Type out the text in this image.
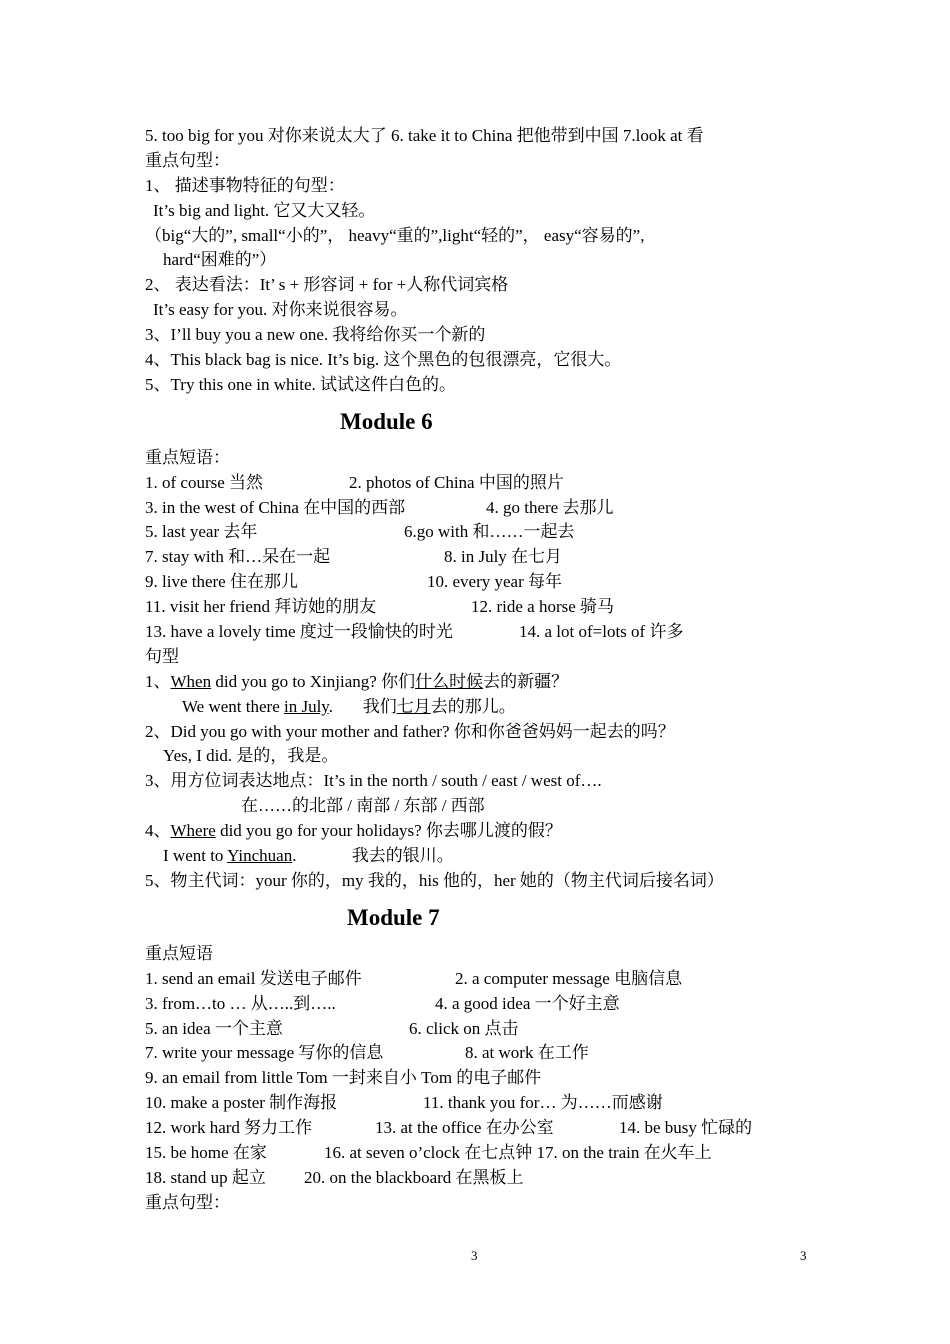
5. too big for you 对你来说太大了 6. take it to China 把他带到中国 7.look at 看
重点句型：
1、 描述事物特征的句型：
It’s big and light. 它又大又轻。
（big“大的”, small“小的”， heavy“重的”,light“轻的”， easy“容易的”,
hard“困难的”）
2、 表达看法：It’ s + 形容词 + for +人称代词宾格
It’s easy for you. 对你来说很容易。
3、I’ll buy you a new one. 我将给你买一个新的
4、This black bag is nice. It’s big. 这个黑色的包很漂亮，它很大。
5、Try this one in white. 试试这件白色的。
Module 6
重点短语：
1. of course 当然	2. photos of China 中国的照片
3. in the west of China 在中国的西部	4. go there 去那儿
5. last year 去年	6.go with 和……一起去
7. stay with 和…呆在一起	8. in July 在七月
9. live there 住在那儿	10. every year 每年
11. visit her friend 拜访她的朋友	12. ride a horse 骑马
13. have a lovely time 度过一段愉快的时光	14. a lot of=lots of 许多
句型
1、When did you go to Xinjiang? 你们什么时候去的新疆？
We went there in July.       我们七月去的那儿。
2、Did you go with your mother and father? 你和你爸爸妈妈一起去的吗？
Yes, I did. 是的，我是。
3、用方位词表达地点：It’s in the north / south / east / west of….
在……的北部 / 南部 / 东部 / 西部
4、Where did you go for your holidays? 你去哪儿渡的假？
I went to Yinchuan.             我去的银川。
5、物主代词：your 你的，my 我的，his 他的，her 她的（物主代词后接名词）
Module 7
重点短语
1. send an email 发送电子邮件	2. a computer message 电脑信息
3. from…to … 从…..到…..	4. a good idea 一个好主意
5. an idea 一个主意	6. click on 点击
7. write your message 写你的信息	8. at work 在工作
9. an email from little Tom 一封来自小 Tom 的电子邮件
10. make a poster 制作海报	11. thank you for… 为……而感谢
12. work hard 努力工作	13. at the office 在办公室	14. be busy 忙碌的
15. be home 在家	16. at seven o’clock 在七点钟 17. on the train 在火车上
18. stand up 起立 20. on the blackboard 在黑板上
重点句型：
3	3
